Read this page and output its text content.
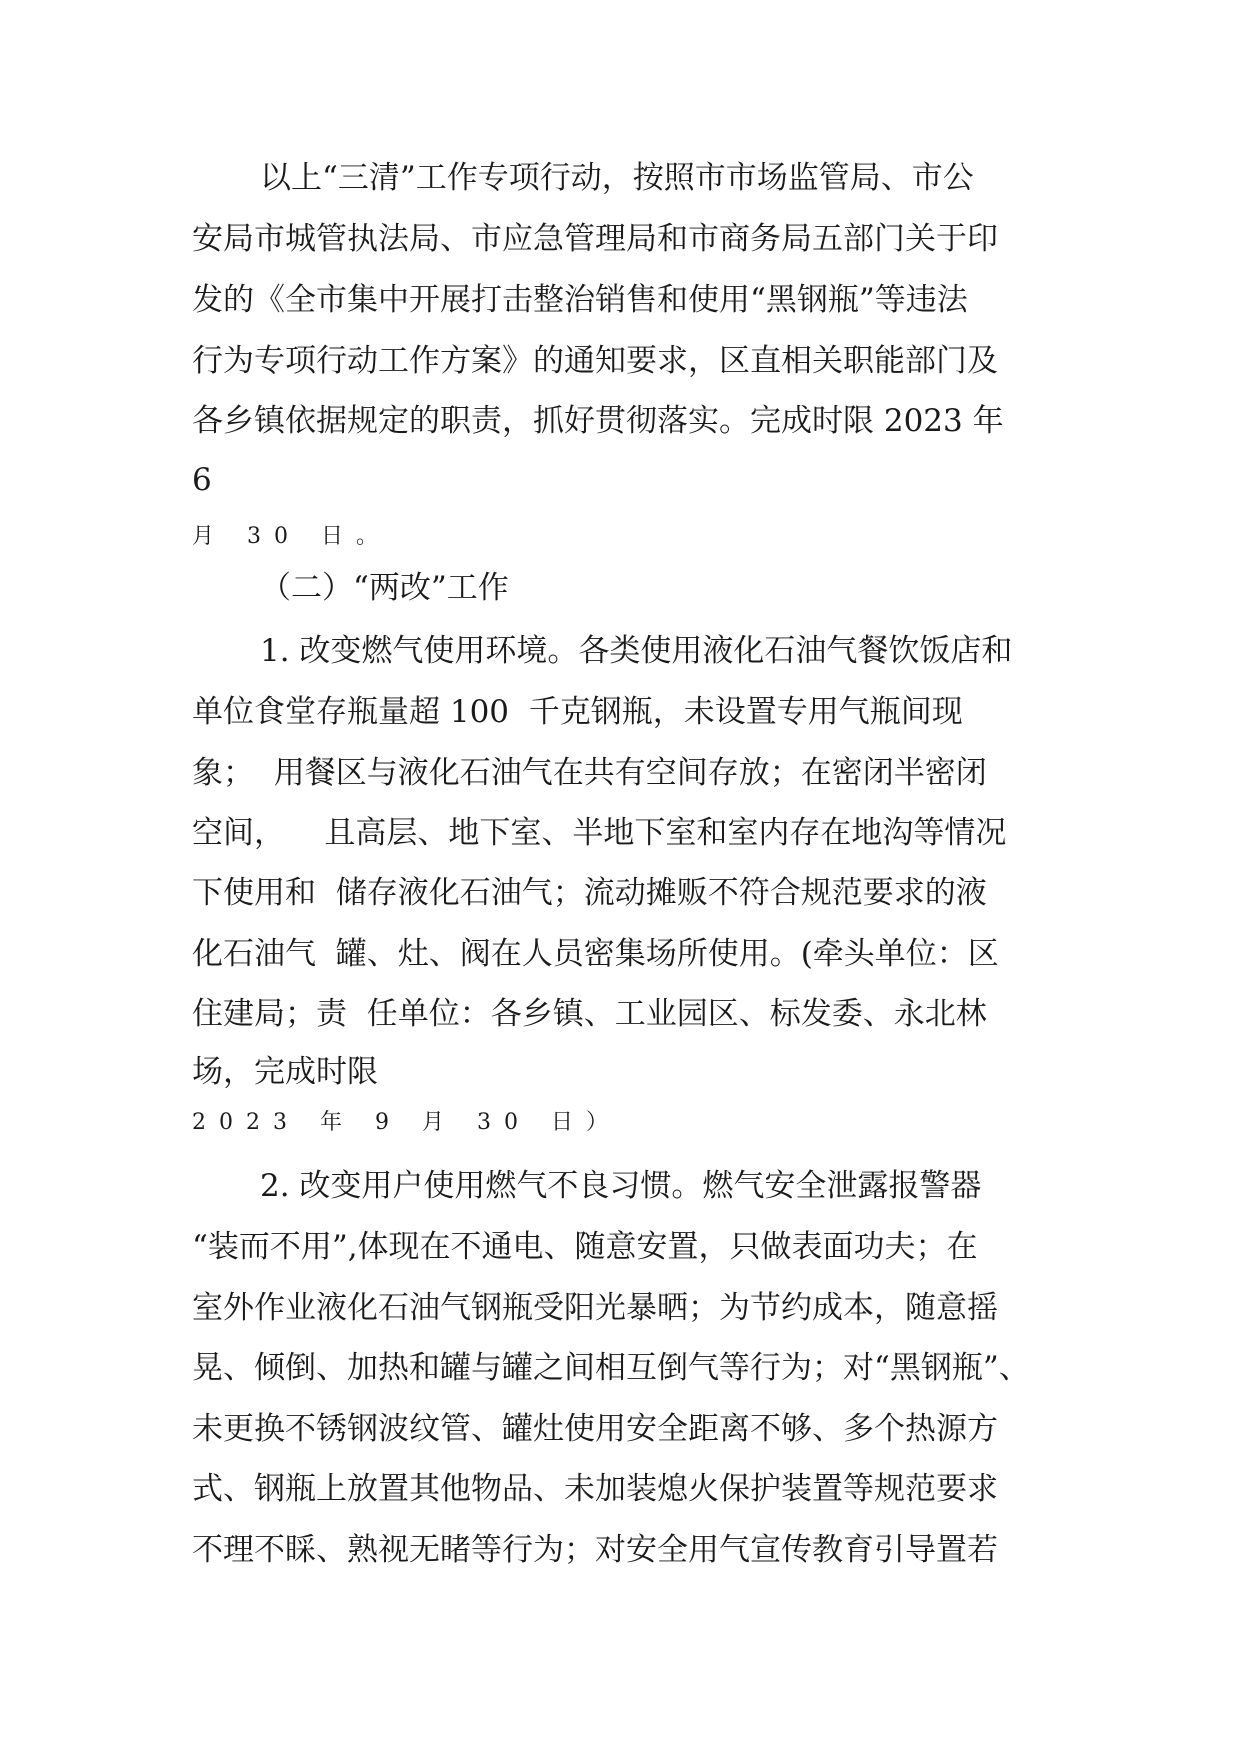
以上“三清”工作专项行动，按照市市场监管局、市公
安局市城管执法局、市应急管理局和市商务局五部门关于印
发的《全市集中开展打击整治销售和使用“黑钢瓶”等违法
行为专项行动工作方案》的通知要求，区直相关职能部门及
各乡镇依据规定的职责，抓好贯彻落实。完成时限 2023 年
6
月 30 日。
（二）“两改”工作
1. 改变燃气使用环境。各类使用液化石油气餐饮饭店和
单位食堂存瓶量超 100  千克钢瓶，未设置专用气瓶间现
象；  用餐区与液化石油气在共有空间存放；在密闭半密闭
空间，    且高层、地下室、半地下室和室内存在地沟等情况
下使用和  储存液化石油气；流动摊贩不符合规范要求的液
化石油气  罐、灶、阀在人员密集场所使用。(牵头单位：区
住建局；责  任单位：各乡镇、工业园区、标发委、永北林
场，完成时限
2023 年 9 月 30 日）
2. 改变用户使用燃气不良习惯。燃气安全泄露报警器
“装而不用”,体现在不通电、随意安置，只做表面功夫；在
室外作业液化石油气钢瓶受阳光暴晒；为节约成本，随意摇
晃、倾倒、加热和罐与罐之间相互倒气等行为；对“黑钢瓶”、
未更换不锈钢波纹管、罐灶使用安全距离不够、多个热源方
式、钢瓶上放置其他物品、未加装熄火保护装置等规范要求
不理不睬、熟视无睹等行为；对安全用气宣传教育引导置若
